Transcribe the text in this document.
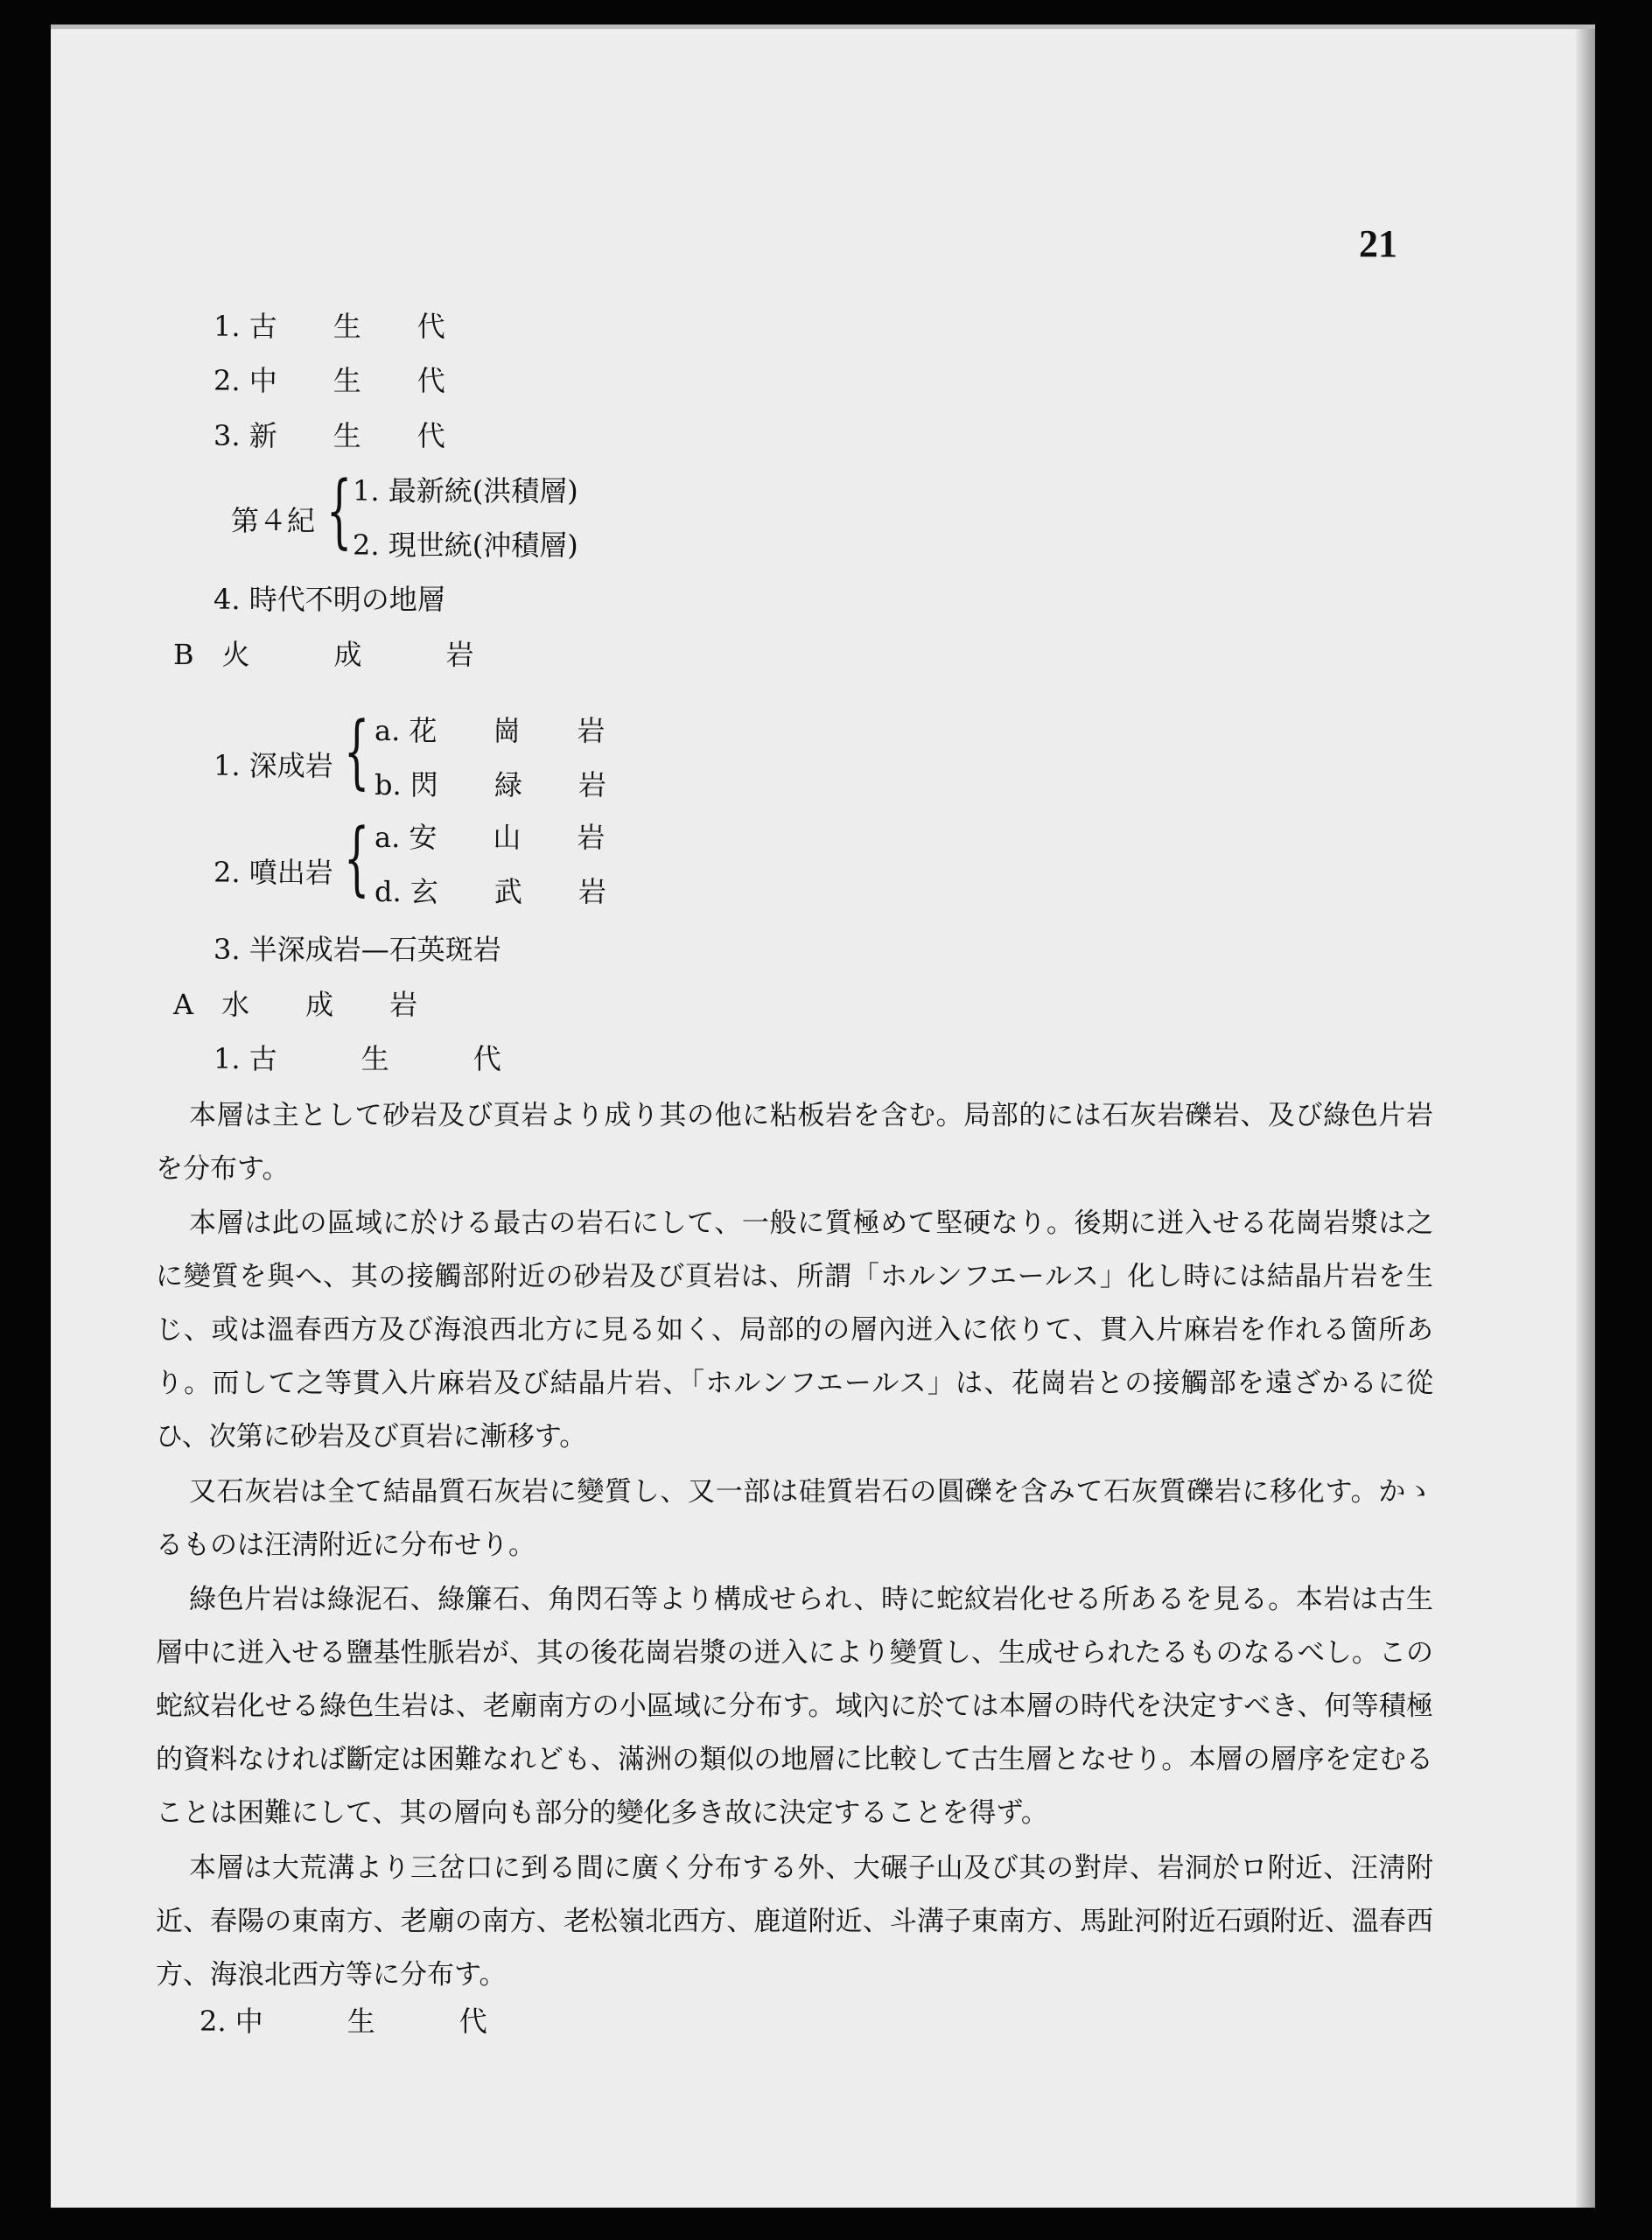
21
1. 古　　生　　代
2. 中　　生　　代
3. 新　　生　　代
第４紀 { 1. 最新統(洪積層)
2. 現世統(沖積層)
4. 時代不明の地層
B　火　　　成　　　岩
1. 深成岩 { a. 花　　崗　　岩
b. 閃　　緑　　岩
2. 噴出岩 { a. 安　　山　　岩
d. 玄　　武　　岩
3. 半深成岩—石英斑岩
A　水　　成　　岩
1. 古　　　生　　　代

本層は主として砂岩及び頁岩より成り其の他に粘板岩を含む。局部的には石灰岩礫岩、及び綠色片岩を分布す。

本層は此の區域に於ける最古の岩石にして、一般に質極めて堅硬なり。後期に迸入せる花崗岩漿は之に變質を與へ、其の接觸部附近の砂岩及び頁岩は、所謂「ホルンフエールス」化し時には結晶片岩を生じ、或は溫春西方及び海浪西北方に見る如く、局部的の層內迸入に依りて、貫入片麻岩を作れる箇所あり。而して之等貫入片麻岩及び結晶片岩、「ホルンフエールス」は、花崗岩との接觸部を遠ざかるに從ひ、次第に砂岩及び頁岩に漸移す。

又石灰岩は全て結晶質石灰岩に變質し、又一部は硅質岩石の圓礫を含みて石灰質礫岩に移化す。かゝるものは汪淸附近に分布せり。

綠色片岩は綠泥石、綠簾石、角閃石等より構成せられ、時に蛇紋岩化せる所あるを見る。本岩は古生層中に迸入せる鹽基性脈岩が、其の後花崗岩漿の迸入により變質し、生成せられたるものなるべし。この蛇紋岩化せる綠色生岩は、老廟南方の小區域に分布す。域內に於ては本層の時代を決定すべき、何等積極的資料なければ斷定は困難なれども、滿洲の類似の地層に比較して古生層となせり。本層の層序を定むることは困難にして、其の層向も部分的變化多き故に決定することを得ず。

本層は大荒溝より三岔口に到る間に廣く分布する外、大碾子山及び其の對岸、岩洞於ロ附近、汪淸附近、春陽の東南方、老廟の南方、老松嶺北西方、鹿道附近、斗溝子東南方、馬趾河附近石頭附近、溫春西方、海浪北西方等に分布す。

2. 中　　　生　　　代
